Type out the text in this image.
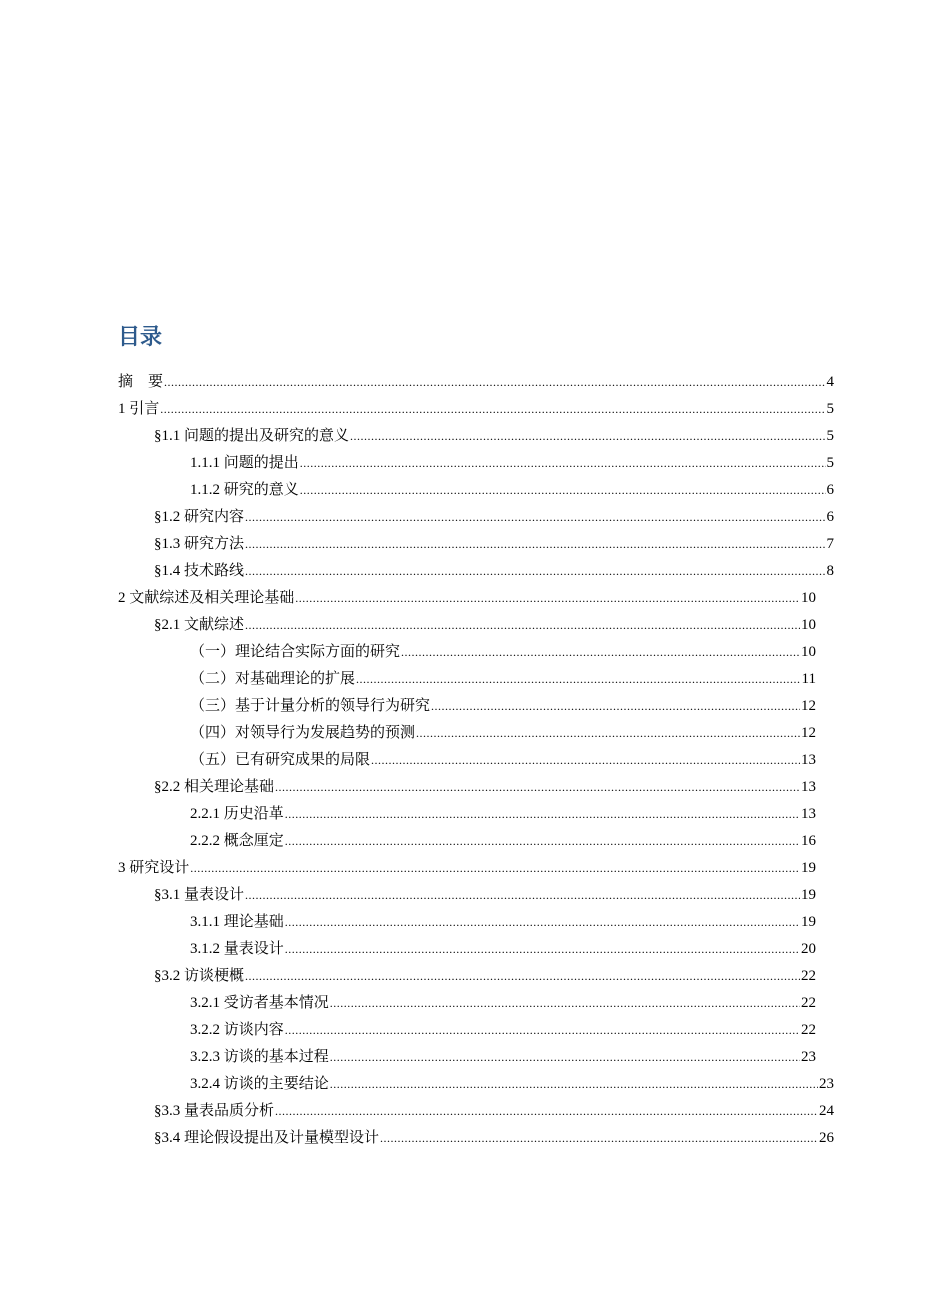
目录
摘　要 .....	4
1 引言 .....	5
§1.1 问题的提出及研究的意义 .....	5
1.1.1 问题的提出 .....	5
1.1.2 研究的意义 .....	6
§1.2 研究内容 .....	6
§1.3 研究方法 .....	7
§1.4 技术路线 .....	8
2 文献综述及相关理论基础 .....	10
§2.1 文献综述 .....	10
（一）理论结合实际方面的研究 .....	10
（二）对基础理论的扩展 .....	11
（三）基于计量分析的领导行为研究 .....	12
（四）对领导行为发展趋势的预测 .....	12
（五）已有研究成果的局限 .....	13
§2.2 相关理论基础 .....	13
2.2.1 历史沿革 .....	13
2.2.2 概念厘定 .....	16
3 研究设计 .....	19
§3.1 量表设计 .....	19
3.1.1 理论基础 .....	19
3.1.2 量表设计 .....	20
§3.2 访谈梗概 .....	22
3.2.1 受访者基本情况 .....	22
3.2.2 访谈内容 .....	22
3.2.3 访谈的基本过程 .....	23
3.2.4 访谈的主要结论 .....	23
§3.3 量表品质分析 .....	24
§3.4 理论假设提出及计量模型设计 .....	26
